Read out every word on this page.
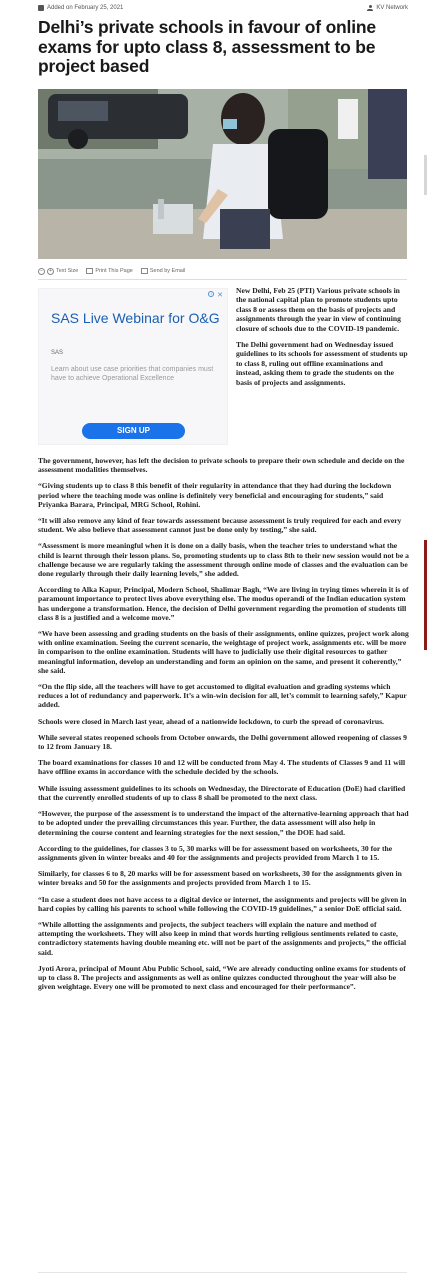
Added on February 25, 2021	KV Network
Delhi’s private schools in favour of online exams for upto class 8, assessment to be project based
−	+ Text Size	Print This Page	Send by Email
i ✕
SAS Live Webinar for O&G
SAS
Learn about use case priorities that companies must have to achieve Operational Excellence
SIGN UP

New Delhi, Feb 25 (PTI) Various private schools in the national capital plan to promote students upto class 8 or assess them on the basis of projects and assignments through the year in view of continuing closure of schools due to the COVID-19 pandemic.

The Delhi government had on Wednesday issued guidelines to its schools for assessment of students up to class 8, ruling out offline examinations and instead, asking them to grade the students on the basis of projects and assignments.

The government, however, has left the decision to private schools to prepare their own schedule and decide on the assessment modalities themselves.

“Giving students up to class 8 this benefit of their regularity in attendance that they had during the lockdown period where the teaching mode was online is definitely very beneficial and encouraging for students,” said Priyanka Barara, Principal, MRG School, Rohini.

“It will also remove any kind of fear towards assessment because assessment is truly required for each and every student. We also believe that assessment cannot just be done only by testing,” she said.

“Assessment is more meaningful when it is done on a daily basis, when the teacher tries to understand what the child is learnt through their lesson plans. So, promoting students up to class 8th to their new session would not be a challenge because we are regularly taking the assessment through online mode of classes and the evaluation can be done regularly through their daily learning levels,” she added.

According to Alka Kapur, Principal, Modern School, Shalimar Bagh, “We are living in trying times wherein it is of paramount importance to protect lives above everything else. The modus operandi of the Indian education system has undergone a transformation. Hence, the decision of Delhi government regarding the promotion of students till class 8 is a justified and a welcome move.”

“We have been assessing and grading students on the basis of their assignments, online quizzes, project work along with online examination. Seeing the current scenario, the weightage of project work, assignments etc. will be more in comparison to the online examination. Students will have to judicially use their digital resources to gather meaningful information, develop an understanding and form an opinion on the same, and present it coherently,” she said.

“On the flip side, all the teachers will have to get accustomed to digital evaluation and grading systems which reduces a lot of redundancy and paperwork. It’s a win-win decision for all, let’s commit to learning safely,” Kapur added.

Schools were closed in March last year, ahead of a nationwide lockdown, to curb the spread of coronavirus.

While several states reopened schools from October onwards, the Delhi government allowed reopening of classes 9 to 12 from January 18.

The board examinations for classes 10 and 12 will be conducted from May 4. The students of Classes 9 and 11 will have offline exams in accordance with the schedule decided by the schools.

While issuing assessment guidelines to its schools on Wednesday, the Directorate of Education (DoE) had clarified that the currently enrolled students of up to class 8 shall be promoted to the next class.

“However, the purpose of the assessment is to understand the impact of the alternative-learning approach that had to be adopted under the prevailing circumstances this year. Further, the data assessment will also help in determining the course content and learning strategies for the next session,” the DOE had said.

According to the guidelines, for classes 3 to 5, 30 marks will be for assessment based on worksheets, 30 for the assignments given in winter breaks and 40 for the assignments and projects provided from March 1 to 15.

Similarly, for classes 6 to 8, 20 marks will be for assessment based on worksheets, 30 for the assignments given in winter breaks and 50 for the assignments and projects provided from March 1 to 15.

“In case a student does not have access to a digital device or internet, the assignments and projects will be given in hard copies by calling his parents to school while following the COVID-19 guidelines,” a senior DoE official said.

“While allotting the assignments and projects, the subject teachers will explain the nature and method of attempting the worksheets. They will also keep in mind that words hurting religious sentiments related to caste, contradictory statements having double meaning etc. will not be part of the assignments and projects,” the official said.

Jyoti Arora, principal of Mount Abu Public School, said, “We are already conducting online exams for students of up to class 8. The projects and assignments as well as online quizzes conducted throughout the year will also be given weightage. Every one will be promoted to next class and encouraged for their performance”.
